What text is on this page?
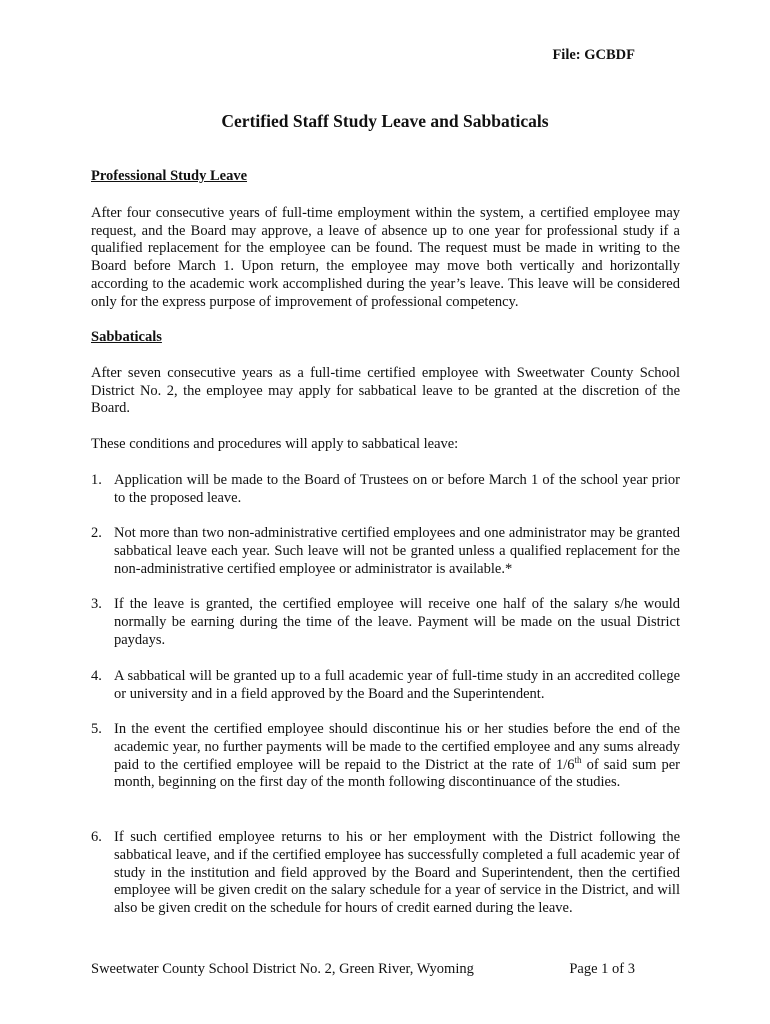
File: GCBDF
Certified Staff Study Leave and Sabbaticals
Professional Study Leave

After four consecutive years of full-time employment within the system, a certified employee may request, and the Board may approve, a leave of absence up to one year for professional study if a qualified replacement for the employee can be found. The request must be made in writing to the Board before March 1. Upon return, the employee may move both vertically and horizontally according to the academic work accomplished during the year’s leave. This leave will be considered only for the express purpose of improvement of professional competency.

Sabbaticals

After seven consecutive years as a full-time certified employee with Sweetwater County School District No. 2, the employee may apply for sabbatical leave to be granted at the discretion of the Board.

These conditions and procedures will apply to sabbatical leave:

1. Application will be made to the Board of Trustees on or before March 1 of the school year prior to the proposed leave.
2. Not more than two non-administrative certified employees and one administrator may be granted sabbatical leave each year. Such leave will not be granted unless a qualified replacement for the non-administrative certified employee or administrator is available.*
3. If the leave is granted, the certified employee will receive one half of the salary s/he would normally be earning during the time of the leave. Payment will be made on the usual District paydays.
4. A sabbatical will be granted up to a full academic year of full-time study in an accredited college or university and in a field approved by the Board and the Superintendent.
5. In the event the certified employee should discontinue his or her studies before the end of the academic year, no further payments will be made to the certified employee and any sums already paid to the certified employee will be repaid to the District at the rate of 1/6th of said sum per month, beginning on the first day of the month following discontinuance of the studies.
6. If such certified employee returns to his or her employment with the District following the sabbatical leave, and if the certified employee has successfully completed a full academic year of study in the institution and field approved by the Board and Superintendent, then the certified employee will be given credit on the salary schedule for a year of service in the District, and will also be given credit on the schedule for hours of credit earned during the leave.
Sweetwater County School District No. 2, Green River, Wyoming	Page 1 of 3
